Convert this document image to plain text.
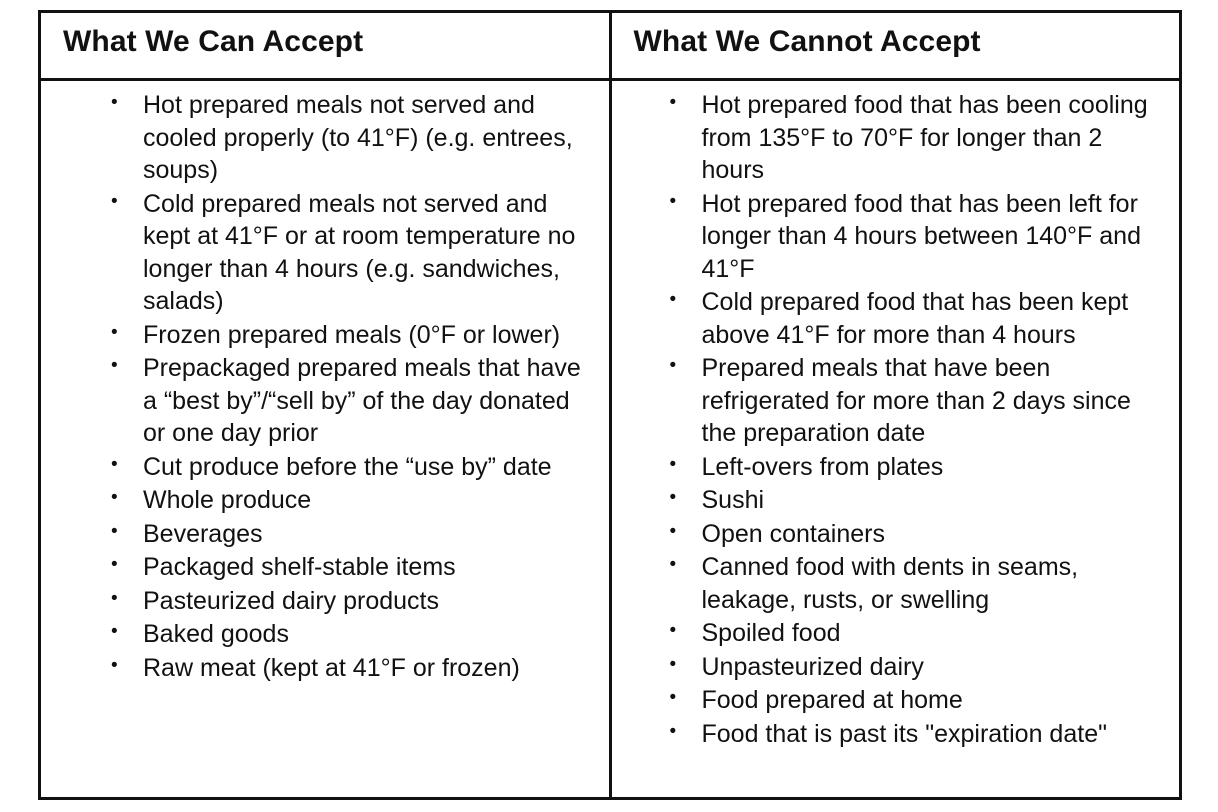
What We Can Accept	What We Cannot Accept

• Hot prepared meals not served and cooled properly (to 41°F) (e.g. entrees, soups)
• Cold prepared meals not served and kept at 41°F or at room temperature no longer than 4 hours (e.g. sandwiches, salads)
• Frozen prepared meals (0°F or lower)
• Prepackaged prepared meals that have a “best by”/“sell by” of the day donated or one day prior
• Cut produce before the “use by” date
• Whole produce
• Beverages
• Packaged shelf-stable items
• Pasteurized dairy products
• Baked goods
• Raw meat (kept at 41°F or frozen)

• Hot prepared food that has been cooling from 135°F to 70°F for longer than 2 hours
• Hot prepared food that has been left for longer than 4 hours between 140°F and 41°F
• Cold prepared food that has been kept above 41°F for more than 4 hours
• Prepared meals that have been refrigerated for more than 2 days since the preparation date
• Left-overs from plates
• Sushi
• Open containers
• Canned food with dents in seams, leakage, rusts, or swelling
• Spoiled food
• Unpasteurized dairy
• Food prepared at home
• Food that is past its "expiration date"
